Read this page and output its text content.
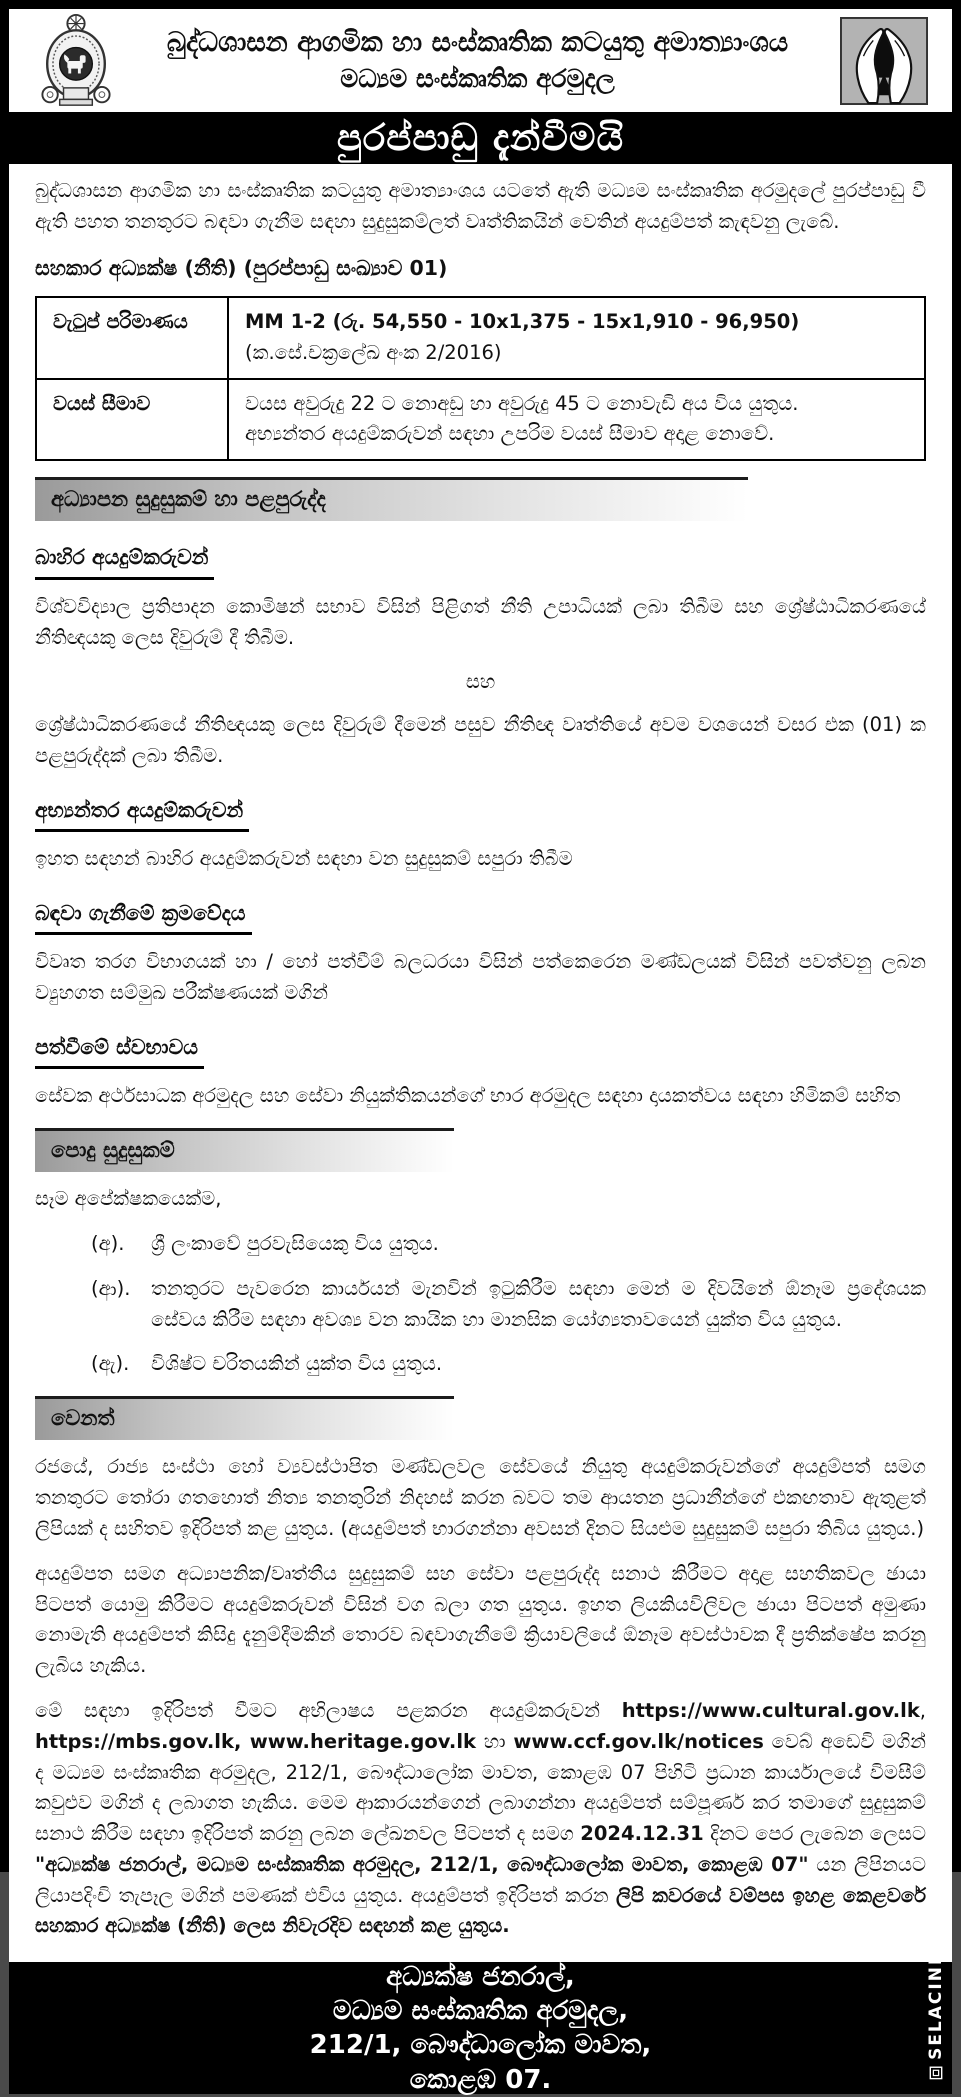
බුද්ධශාසන ආගමික හා සංස්කෘතික කටයුතු අමාත්‍යාංශය
මධ්‍යම සංස්කෘතික අරමුදල
පුරප්පාඩු දැන්වීමයි

බුද්ධශාසන ආගමික හා සංස්කෘතික කටයුතු අමාත්‍යාංශය යටතේ ඇති මධ්‍යම සංස්කෘතික අරමුදලේ පුරප්පාඩු වී ඇති පහත තනතුරට බඳවා ගැනීම සඳහා සුදුසුකම්ලත් වෘත්තිකයින් වෙතින් අයදුම්පත් කැඳවනු ලැබේ.

සහකාර අධ්‍යක්ෂ (නීති) (පුරප්පාඩු සංඛ්‍යාව 01)
වැටුප් පරිමාණය	MM 1-2 (රු. 54,550 - 10x1,375 - 15x1,910 - 96,950)
(ක.සේ.චක්‍රලේඛ අංක 2/2016)

වයස් සීමාව	වයස අවුරුදු 22 ට නොඅඩු හා අවුරුදු 45 ට නොවැඩි අය විය යුතුය.
අභ්‍යන්තර අයදුම්කරුවන් සඳහා උපරිම වයස් සීමාව අදාළ නොවේ.
අධ්‍යාපන සුදුසුකම් හා පළපුරුද්ද
බාහිර අයදුම්කරුවන්

විශ්වවිද්‍යාල ප්‍රතිපාදන කොමිෂන් සභාව විසින් පිළිගත් නීති උපාධියක් ලබා තිබීම සහ ශ්‍රේෂ්ඨාධිකරණයේ නීතිඥයකු ලෙස දිවුරුම් දී තිබීම.

සහ

ශ්‍රේෂ්ඨාධිකරණයේ නීතිඥයකු ලෙස දිවුරුම් දීමෙන් පසුව නීතිඥ වෘත්තියේ අවම වශයෙන් වසර එක (01) ක පළපුරුද්දක් ලබා තිබීම.

අභ්‍යන්තර අයදුම්කරුවන්

ඉහත සඳහන් බාහිර අයදුම්කරුවන් සඳහා වන සුදුසුකම් සපුරා තිබීම

බඳවා ගැනීමේ ක්‍රමවේදය

විවෘත තරග විභාගයක් හා / හෝ පත්වීම් බලධරයා විසින් පත්කෙරෙන මණ්ඩලයක් විසින් පවත්වනු ලබන ව්‍යුහගත සම්මුඛ පරීක්ෂණයක් මගින්

පත්වීමේ ස්වභාවය

සේවක අර්ථසාධක අරමුදල සහ සේවා නියුක්තිකයන්ගේ භාර අරමුදල සඳහා දායකත්වය සඳහා හිමිකම් සහිත

පොදු සුදුසුකම්

සෑම අපේක්ෂකයෙක්ම,

(අ).	ශ්‍රී ලංකාවේ පුරවැසියෙකු විය යුතුය.
(ආ).	තනතුරට පැවරෙන කාර්යයන් මැනවින් ඉටුකිරීම සඳහා මෙන් ම දිවයිනේ ඕනෑම ප්‍රදේශයක සේවය කිරීම සඳහා අවශ්‍ය වන කායික හා මානසික යෝග්‍යතාවයෙන් යුක්ත විය යුතුය.
(ඇ).	විශිෂ්ට චරිතයකින් යුක්ත විය යුතුය.
වෙනත්

රජයේ, රාජ්‍ය සංස්ථා හෝ ව්‍යවස්ථාපිත මණ්ඩලවල සේවයේ නියුතු අයදුම්කරුවන්ගේ අයදුම්පත් සමග තනතුරට තෝරා ගතහොත් නිත්‍ය තනතුරින් නිදහස් කරන බවට තම ආයතන ප්‍රධානීන්ගේ එකඟතාව ඇතුළත් ලිපියක් ද සහිතව ඉදිරිපත් කළ යුතුය. (අයදුම්පත් භාරගන්නා අවසන් දිනට සියළුම සුදුසුකම් සපුරා තිබිය යුතුය.)

අයදුම්පත සමග අධ්‍යාපනික/වෘත්තීය සුදුසුකම් සහ සේවා පළපුරුද්ද සනාථ කිරීමට අදාළ සහතිකවල ඡායා පිටපත් යොමු කිරීමට අයදුම්කරුවන් විසින් වග බලා ගත යුතුය. ඉහත ලියකියවිලිවල ඡායා පිටපත් අමුණා නොමැති අයදුම්පත් කිසිදු දැනුම්දීමකින් තොරව බඳවාගැනීමේ ක්‍රියාවලියේ ඕනෑම අවස්ථාවක දී ප්‍රතික්ෂේප කරනු ලැබිය හැකිය.

මේ සඳහා ඉදිරිපත් වීමට අභිලාෂය පළකරන අයදුම්කරුවන් https://www.cultural.gov.lk, https://mbs.gov.lk, www.heritage.gov.lk හා www.ccf.gov.lk/notices වෙබ් අඩෙවි මගින් ද මධ්‍යම සංස්කෘතික අරමුදල, 212/1, බෞද්ධාලෝක මාවත, කොළඹ 07 පිහිටි ප්‍රධාන කාර්යාලයේ විමසීම් කවුළුව මගින් ද ලබාගත හැකිය. මෙම ආකාරයන්ගෙන් ලබාගන්නා අයදුම්පත් සම්පූර්ණ කර තමාගේ සුදුසුකම් සනාථ කිරීම සඳහා ඉදිරිපත් කරනු ලබන ලේඛනවල පිටපත් ද සමග 2024.12.31 දිනට පෙර ලැබෙන ලෙසට "අධ්‍යක්ෂ ජනරාල්, මධ්‍යම සංස්කෘතික අරමුදල, 212/1, බෞද්ධාලෝක මාවත, කොළඹ 07" යන ලිපිනයට ලියාපදිංචි තැපෑල මගින් පමණක් එවිය යුතුය. අයදුම්පත් ඉදිරිපත් කරන ලිපි කවරයේ වම්පස ඉහළ කෙළවරේ සහකාර අධ්‍යක්ෂ (නීති) ලෙස නිවැරදිව සඳහන් කළ යුතුය.

අධ්‍යක්ෂ ජනරාල්,
මධ්‍යම සංස්කෘතික අරමුදල,
212/1, බෞද්ධාලෝක මාවත,
කොළඹ 07.
SELACINE
MEDIA SOLUTIONS
